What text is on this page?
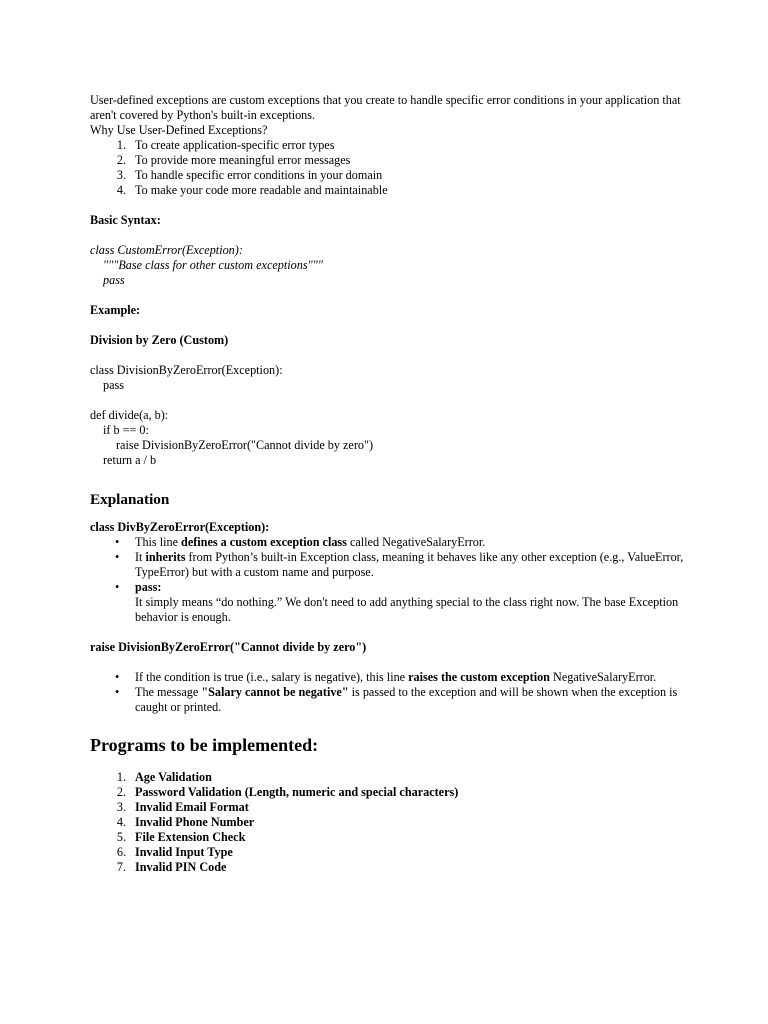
User-defined exceptions are custom exceptions that you create to handle specific error conditions in your application that aren't covered by Python's built-in exceptions.

Why Use User-Defined Exceptions?

1. To create application-specific error types
2. To provide more meaningful error messages
3. To handle specific error conditions in your domain
4. To make your code more readable and maintainable

Basic Syntax:

class CustomError(Exception):

"""Base class for other custom exceptions"""

pass

Example:

Division by Zero (Custom)

class DivisionByZeroError(Exception):

pass

def divide(a, b):

if b == 0:

raise DivisionByZeroError("Cannot divide by zero")

return a / b

Explanation

class DivByZeroError(Exception):

• This line defines a custom exception class called NegativeSalaryError.
• It inherits from Python’s built-in Exception class, meaning it behaves like any other exception (e.g., ValueError, TypeError) but with a custom name and purpose.
• pass:
It simply means “do nothing.” We don't need to add anything special to the class right now. The base Exception behavior is enough.

raise DivisionByZeroError("Cannot divide by zero")

• If the condition is true (i.e., salary is negative), this line raises the custom exception NegativeSalaryError.
• The message "Salary cannot be negative" is passed to the exception and will be shown when the exception is caught or printed.
Programs to be implemented:
1. Age Validation
2. Password Validation (Length, numeric and special characters)
3. Invalid Email Format
4. Invalid Phone Number
5. File Extension Check
6. Invalid Input Type
7. Invalid PIN Code
